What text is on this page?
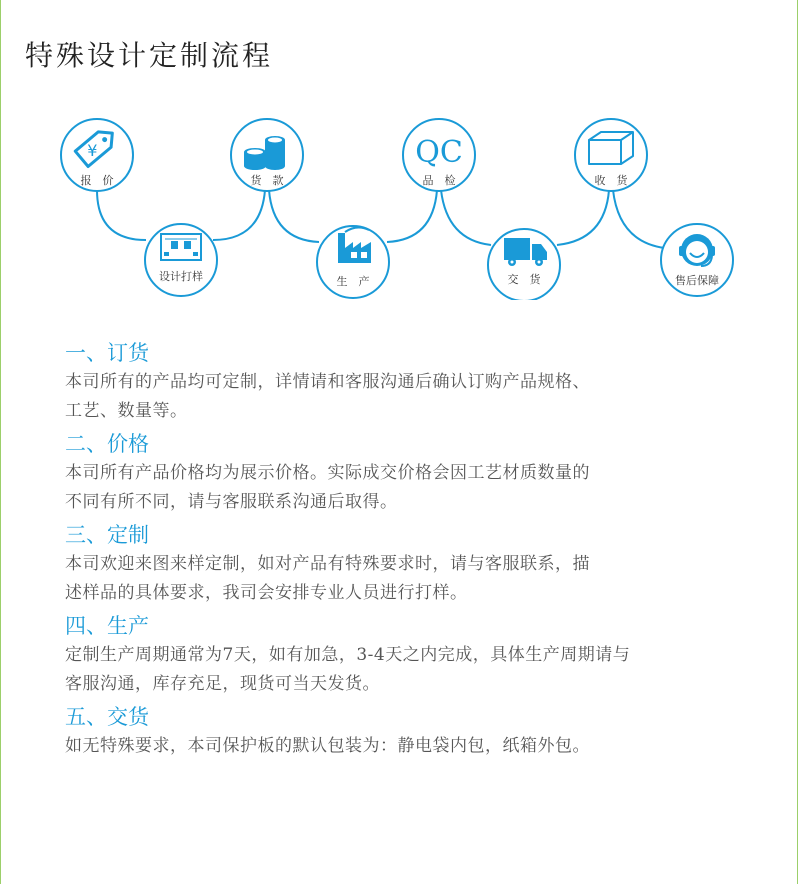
特殊设计定制流程
¥
报　价
设计打样
货　款
生　产
QC
品　检
交　货
收　货
售后保障

一、订货

本司所有的产品均可定制，详情请和客服沟通后确认订购产品规格、
工艺、数量等。

二、价格

本司所有产品价格均为展示价格。实际成交价格会因工艺材质数量的
不同有所不同，请与客服联系沟通后取得。

三、定制

本司欢迎来图来样定制，如对产品有特殊要求时，请与客服联系，描
述样品的具体要求，我司会安排专业人员进行打样。

四、生产

定制生产周期通常为7天，如有加急，3-4天之内完成，具体生产周期请与
客服沟通，库存充足，现货可当天发货。

五、交货

如无特殊要求，本司保护板的默认包装为：静电袋内包，纸箱外包。
